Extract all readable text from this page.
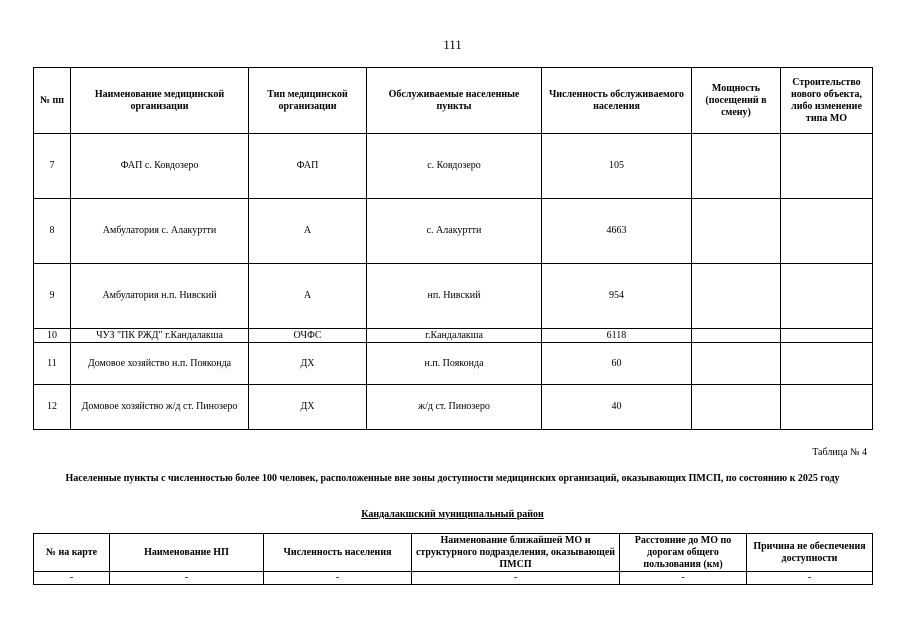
111
№ пп	Наименование медицинской организации	Тип медицинской организации	Обслуживаемые населенные пункты	Численность обслуживаемого населения	Мощность (посещений в смену)	Строительство нового объекта, либо изменение типа МО
7	ФАП с. Ковдозеро	ФАП	с. Ковдозеро	105		
8	Амбулатория с. Алакуртти	А	с. Алакуртти	4663		
9	Амбулатория н.п. Нивский	А	нп. Нивский	954		
10	ЧУЗ "ПК РЖД" г.Кандалакша	ОЧФС	г.Кандалакша	6118		
11	Домовое хозяйство н.п. Пояконда	ДХ	н.п. Пояконда	60		
12	Домовое хозяйство ж/д ст. Пинозеро	ДХ	ж/д ст. Пинозеро	40		
Таблица № 4
Населенные пункты с численностью более 100 человек, расположенные вне зоны доступности медицинских организаций, оказывающих ПМСП, по состоянию к 2025 году
Кандалакшский муниципальный район
№ на карте	Наименование НП	Численность населения	Наименование ближайшей МО и структурного подразделения, оказывающей ПМСП	Расстояние до МО по дорогам общего пользования (км)	Причина не обеспечения доступности
-	-	-	-	-	-
